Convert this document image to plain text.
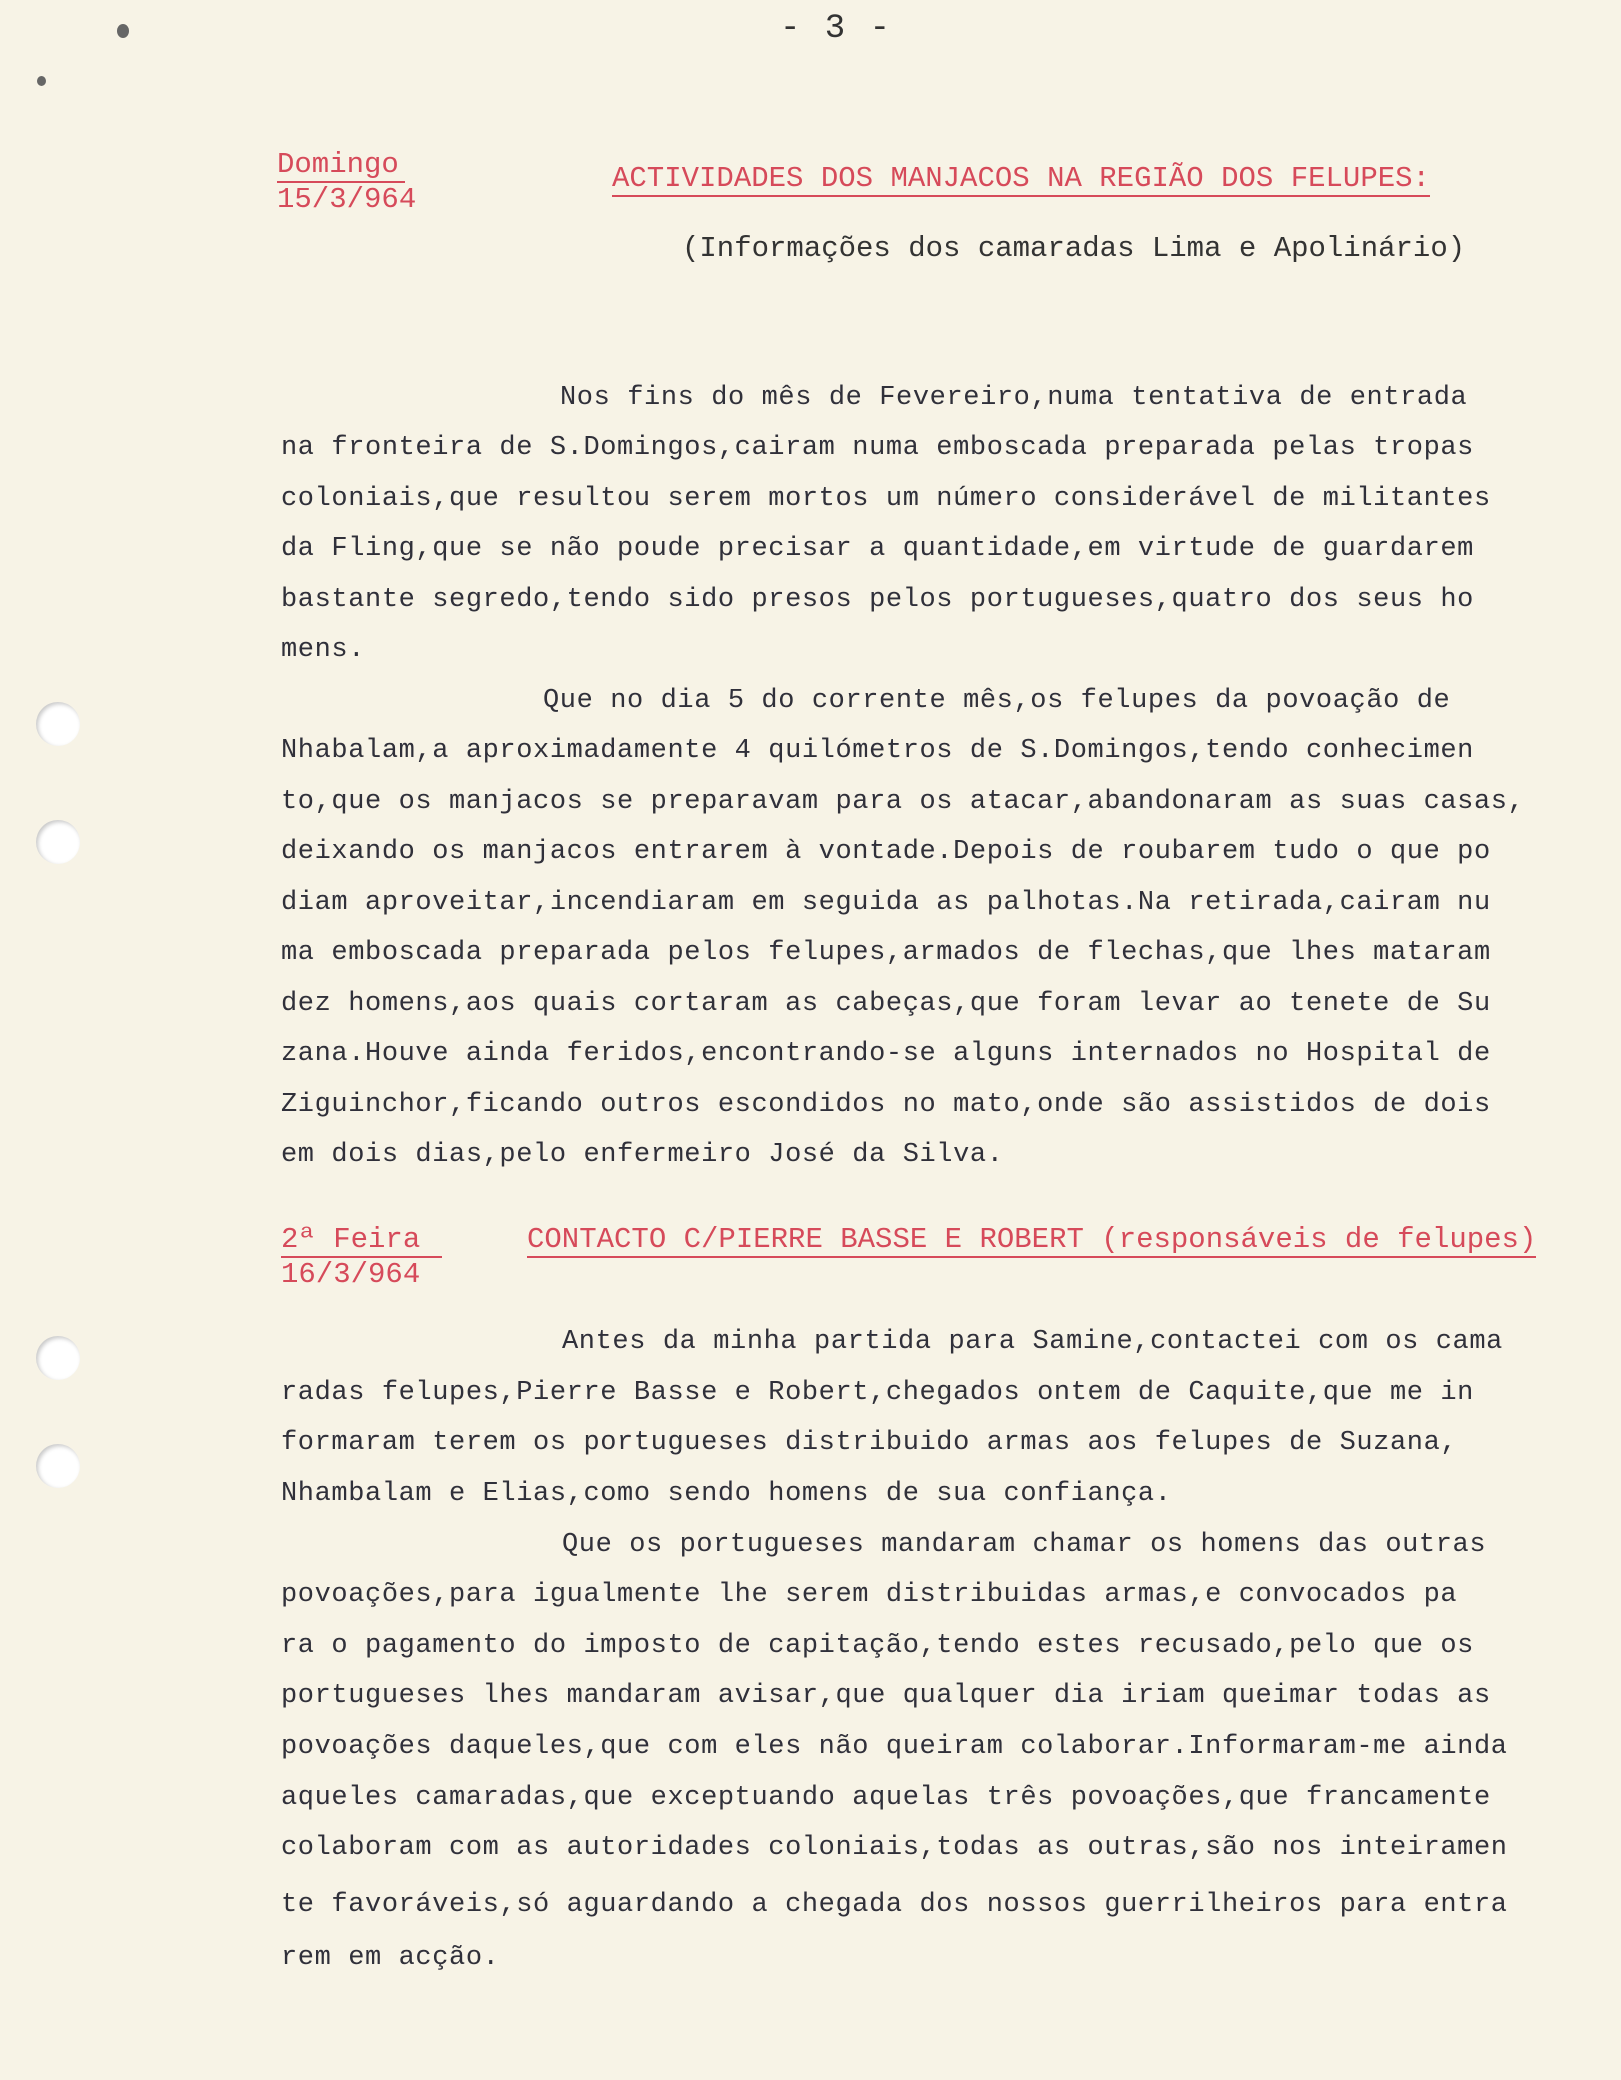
- 3 -
Domingo
15/3/964
ACTIVIDADES DOS MANJACOS NA REGIÃO DOS FELUPES:
(Informações dos camaradas Lima e Apolinário)
Nos fins do mês de Fevereiro,numa tentativa de entrada
na fronteira de S.Domingos,cairam numa emboscada preparada pelas tropas
coloniais,que resultou serem mortos um número considerável de militantes
da Fling,que se não poude precisar a quantidade,em virtude de guardarem
bastante segredo,tendo sido presos pelos portugueses,quatro dos seus ho
mens.
Que no dia 5 do corrente mês,os felupes da povoação de
Nhabalam,a aproximadamente 4 quilómetros de S.Domingos,tendo conhecimen
to,que os manjacos se preparavam para os atacar,abandonaram as suas casas,
deixando os manjacos entrarem à vontade.Depois de roubarem tudo o que po
diam aproveitar,incendiaram em seguida as palhotas.Na retirada,cairam nu
ma emboscada preparada pelos felupes,armados de flechas,que lhes mataram
dez homens,aos quais cortaram as cabeças,que foram levar ao tenete de Su
zana.Houve ainda feridos,encontrando-se alguns internados no Hospital de
Ziguinchor,ficando outros escondidos no mato,onde são assistidos de dois
em dois dias,pelo enfermeiro José da Silva.
2ª Feira
16/3/964
CONTACTO C/PIERRE BASSE E ROBERT (responsáveis de felupes)
Antes da minha partida para Samine,contactei com os cama
radas felupes,Pierre Basse e Robert,chegados ontem de Caquite,que me in
formaram terem os portugueses distribuido armas aos felupes de Suzana,
Nhambalam e Elias,como sendo homens de sua confiança.
Que os portugueses mandaram chamar os homens das outras
povoações,para igualmente lhe serem distribuidas armas,e convocados pa
ra o pagamento do imposto de capitação,tendo estes recusado,pelo que os
portugueses lhes mandaram avisar,que qualquer dia iriam queimar todas as
povoações daqueles,que com eles não queiram colaborar.Informaram-me ainda
aqueles camaradas,que exceptuando aquelas três povoações,que francamente
colaboram com as autoridades coloniais,todas as outras,são nos inteiramen
te favoráveis,só aguardando a chegada dos nossos guerrilheiros para entra
rem em acção.
